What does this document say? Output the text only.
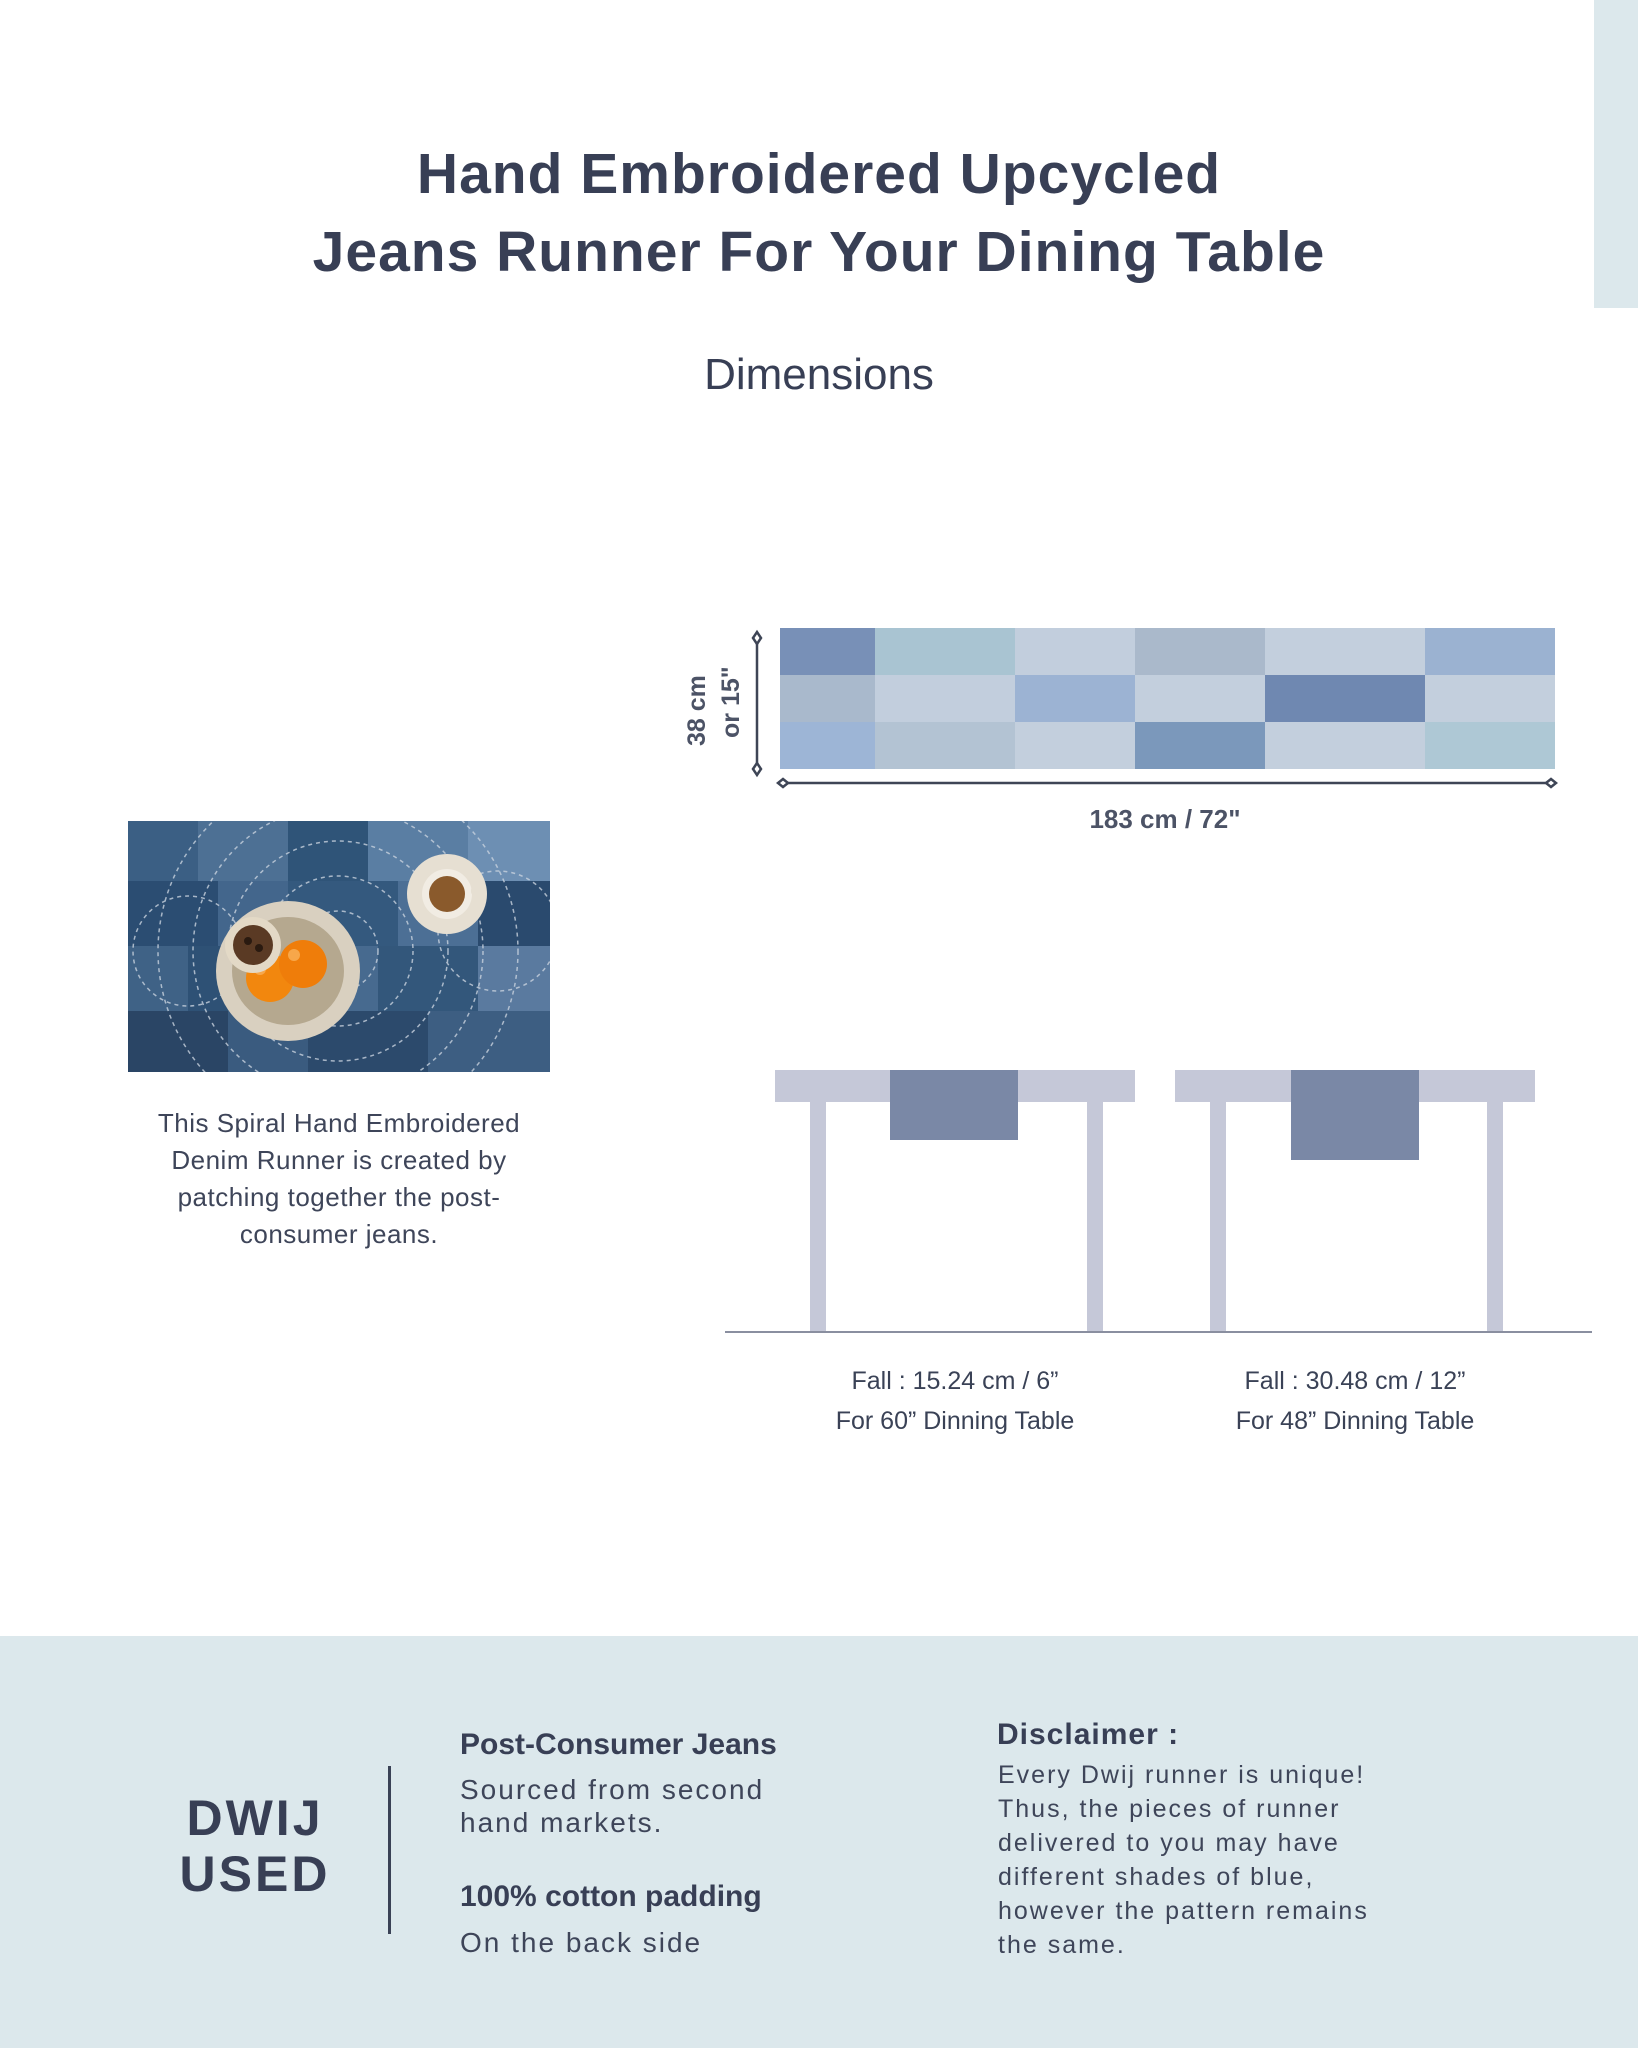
Hand Embroidered Upcycled
Jeans Runner For Your Dining Table
Dimensions
This Spiral Hand Embroidered
Denim Runner is created by
patching together the post-
consumer jeans.
38 cm or 15"
183 cm / 72"
Fall : 15.24 cm / 6”
For 60” Dinning Table
Fall : 30.48 cm / 12”
For 48” Dinning Table
DWIJ
USED
Post-Consumer Jeans
Sourced from second
hand markets.
100% cotton padding
On the back side
Disclaimer :
Every Dwij runner is unique!
Thus, the pieces of runner
delivered to you may have
different shades of blue,
however the pattern remains
the same.
